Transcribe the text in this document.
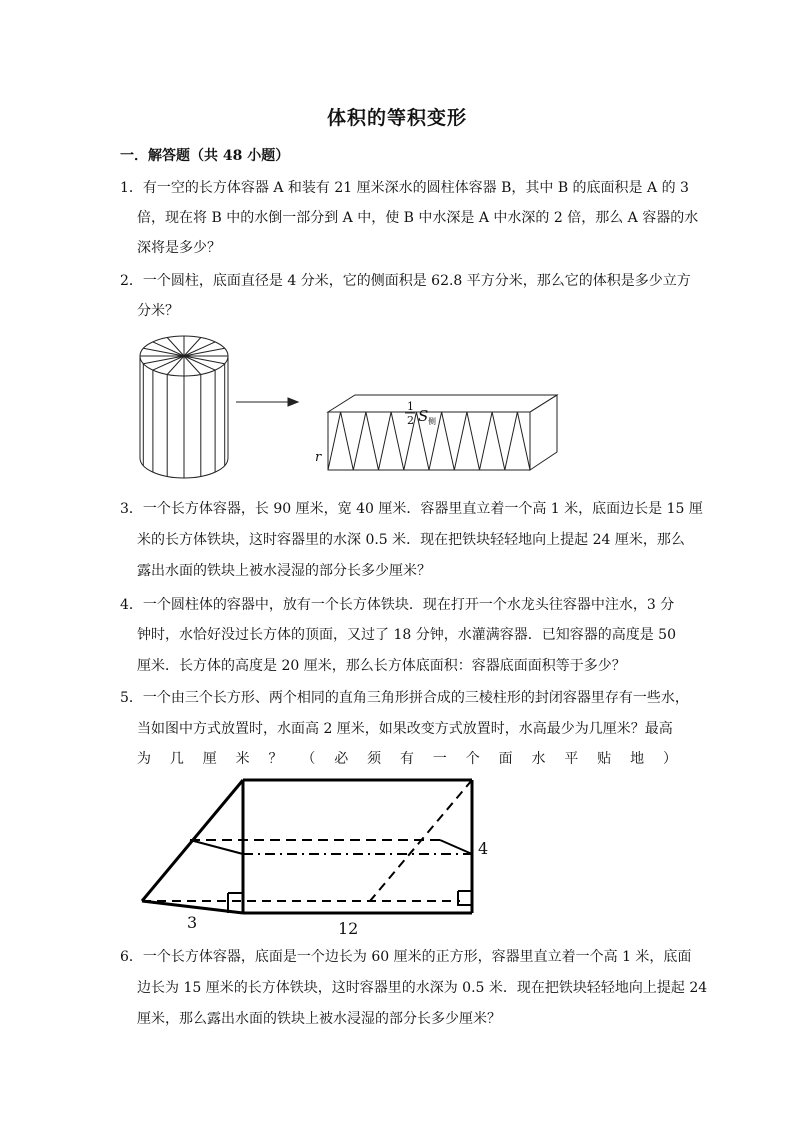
体积的等积变形
一．解答题（共 48 小题）
1．有一空的长方体容器 A 和装有 21 厘米深水的圆柱体容器 B，其中 B 的底面积是 A 的 3
倍，现在将 B 中的水倒一部分到 A 中，使 B 中水深是 A 中水深的 2 倍，那么 A 容器的水
深将是多少？
2．一个圆柱，底面直径是 4 分米，它的侧面积是 62.8 平方分米，那么它的体积是多少立方
分米？
3．一个长方体容器，长 90 厘米，宽 40 厘米．容器里直立着一个高 1 米，底面边长是 15 厘
米的长方体铁块，这时容器里的水深 0.5 米．现在把铁块轻轻地向上提起 24 厘米，那么
露出水面的铁块上被水浸湿的部分长多少厘米？
4．一个圆柱体的容器中，放有一个长方体铁块．现在打开一个水龙头往容器中注水，3 分
钟时，水恰好没过长方体的顶面，又过了 18 分钟，水灌满容器．已知容器的高度是 50
厘米．长方体的高度是 20 厘米，那么长方体底面积：容器底面面积等于多少？
5．一个由三个长方形、两个相同的直角三角形拼合成的三棱柱形的封闭容器里存有一些水，
当如图中方式放置时，水面高 2 厘米，如果改变方式放置时，水高最少为几厘米？最高
为 几 厘 米 ？ （ 必 须 有 一 个 面 水 平 贴 地 ）
6．一个长方体容器，底面是一个边长为 60 厘米的正方形，容器里直立着一个高 1 米，底面
边长为 15 厘米的长方体铁块，这时容器里的水深为 0.5 米．现在把铁块轻轻地向上提起 24
厘米，那么露出水面的铁块上被水浸湿的部分长多少厘米？
1
2 S 侧
r
4
3	12
